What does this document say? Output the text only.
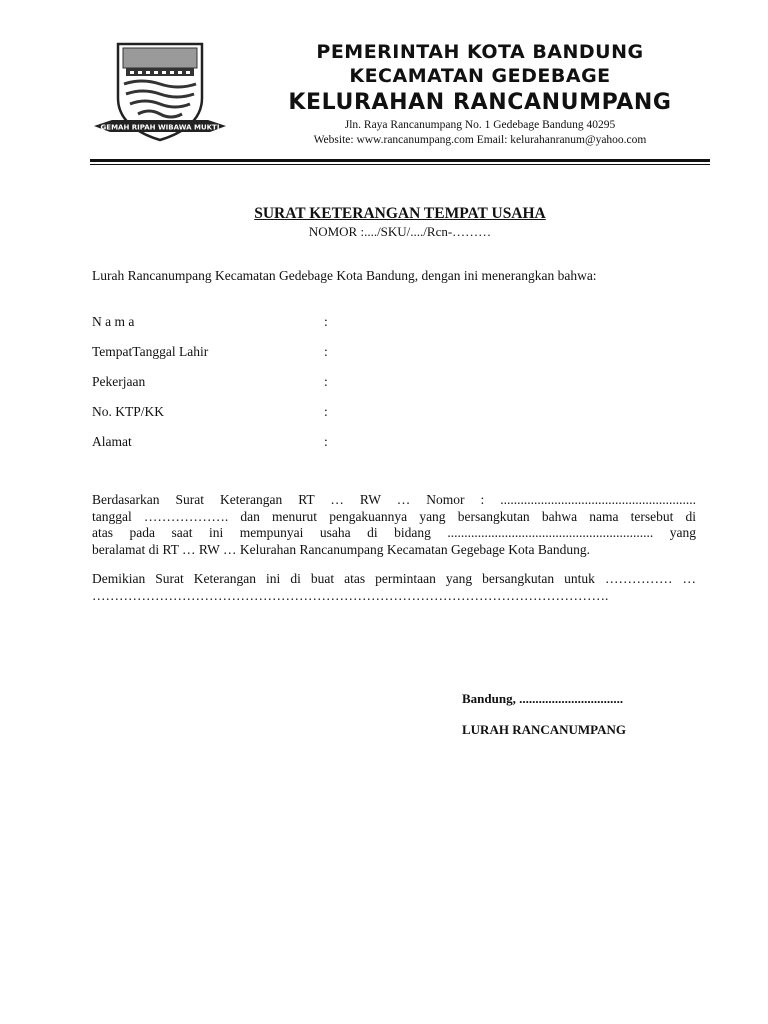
GEMAH RIPAH WIBAWA MUKTI
PEMERINTAH KOTA BANDUNG
KECAMATAN GEDEBAGE
KELURAHAN RANCANUMPANG
Jln. Raya Rancanumpang No. 1 Gedebage Bandung 40295
Website: www.rancanumpang.com Email: kelurahanranum@yahoo.com
SURAT KETERANGAN TEMPAT USAHA
NOMOR :..../SKU/..../Rcn-………
Lurah Rancanumpang Kecamatan Gedebage Kota Bandung, dengan ini menerangkan bahwa:
N a m a	:
TempatTanggal Lahir	:
Pekerjaan	:
No. KTP/KK	:
Alamat	:
Berdasarkan Surat Keterangan RT … RW … Nomor : ..........................................................
tanggal ………………. dan menurut pengakuannya yang bersangkutan bahwa nama tersebut di
atas pada saat ini mempunyai usaha di bidang ............................................................. yang
beralamat di RT … RW … Kelurahan Rancanumpang Kecamatan Gegebage Kota Bandung.
Demikian Surat Keterangan ini di buat atas permintaan yang bersangkutan untuk …………… …
…………………………………………………………………………………………………….
Bandung, ................................
LURAH RANCANUMPANG
